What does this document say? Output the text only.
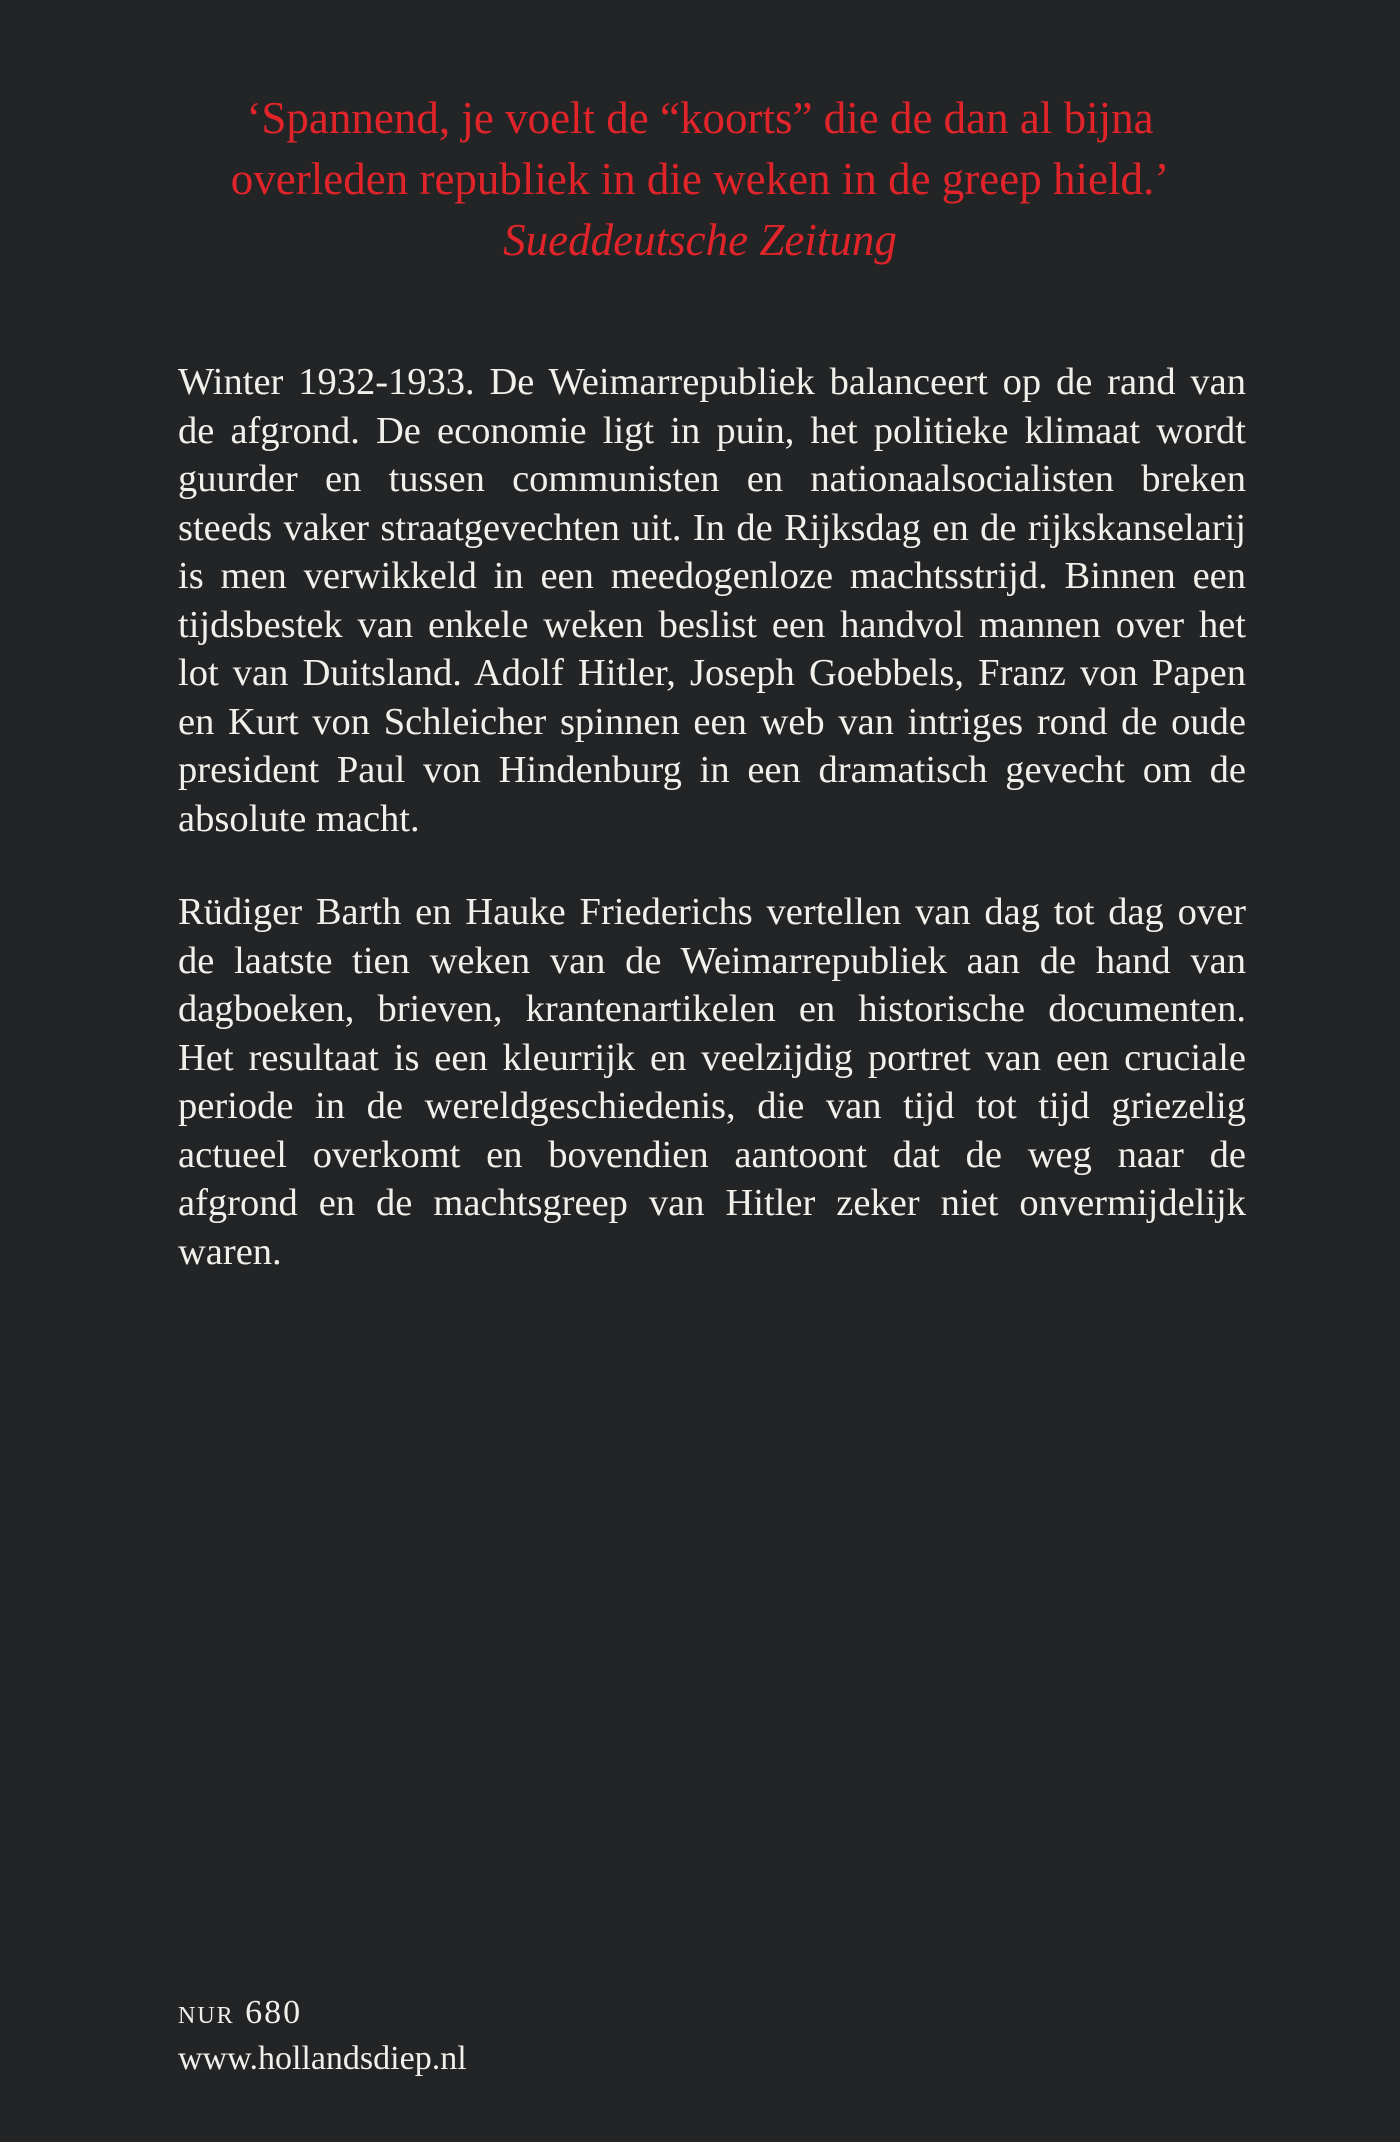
‘Spannend, je voelt de “koorts” die de dan al bijna
overleden republiek in die weken in de greep hield.’
Sueddeutsche Zeitung
Winter 1932-1933. De Weimarrepubliek balanceert op de rand van
de afgrond. De economie ligt in puin, het politieke klimaat wordt
guurder en tussen communisten en nationaalsocialisten breken
steeds vaker straatgevechten uit. In de Rijksdag en de rijkskanselarij
is men verwikkeld in een meedogenloze machtsstrijd. Binnen een
tijdsbestek van enkele weken beslist een handvol mannen over het
lot van Duitsland. Adolf Hitler, Joseph Goebbels, Franz von Papen
en Kurt von Schleicher spinnen een web van intriges rond de oude
president Paul von Hindenburg in een dramatisch gevecht om de
absolute macht.
Rüdiger Barth en Hauke Friederichs vertellen van dag tot dag over
de laatste tien weken van de Weimarrepubliek aan de hand van
dagboeken, brieven, krantenartikelen en historische documenten.
Het resultaat is een kleurrijk en veelzijdig portret van een cruciale
periode in de wereldgeschiedenis, die van tijd tot tijd griezelig
actueel overkomt en bovendien aantoont dat de weg naar de
afgrond en de machtsgreep van Hitler zeker niet onvermijdelijk
waren.
nur 680
www.hollandsdiep.nl
